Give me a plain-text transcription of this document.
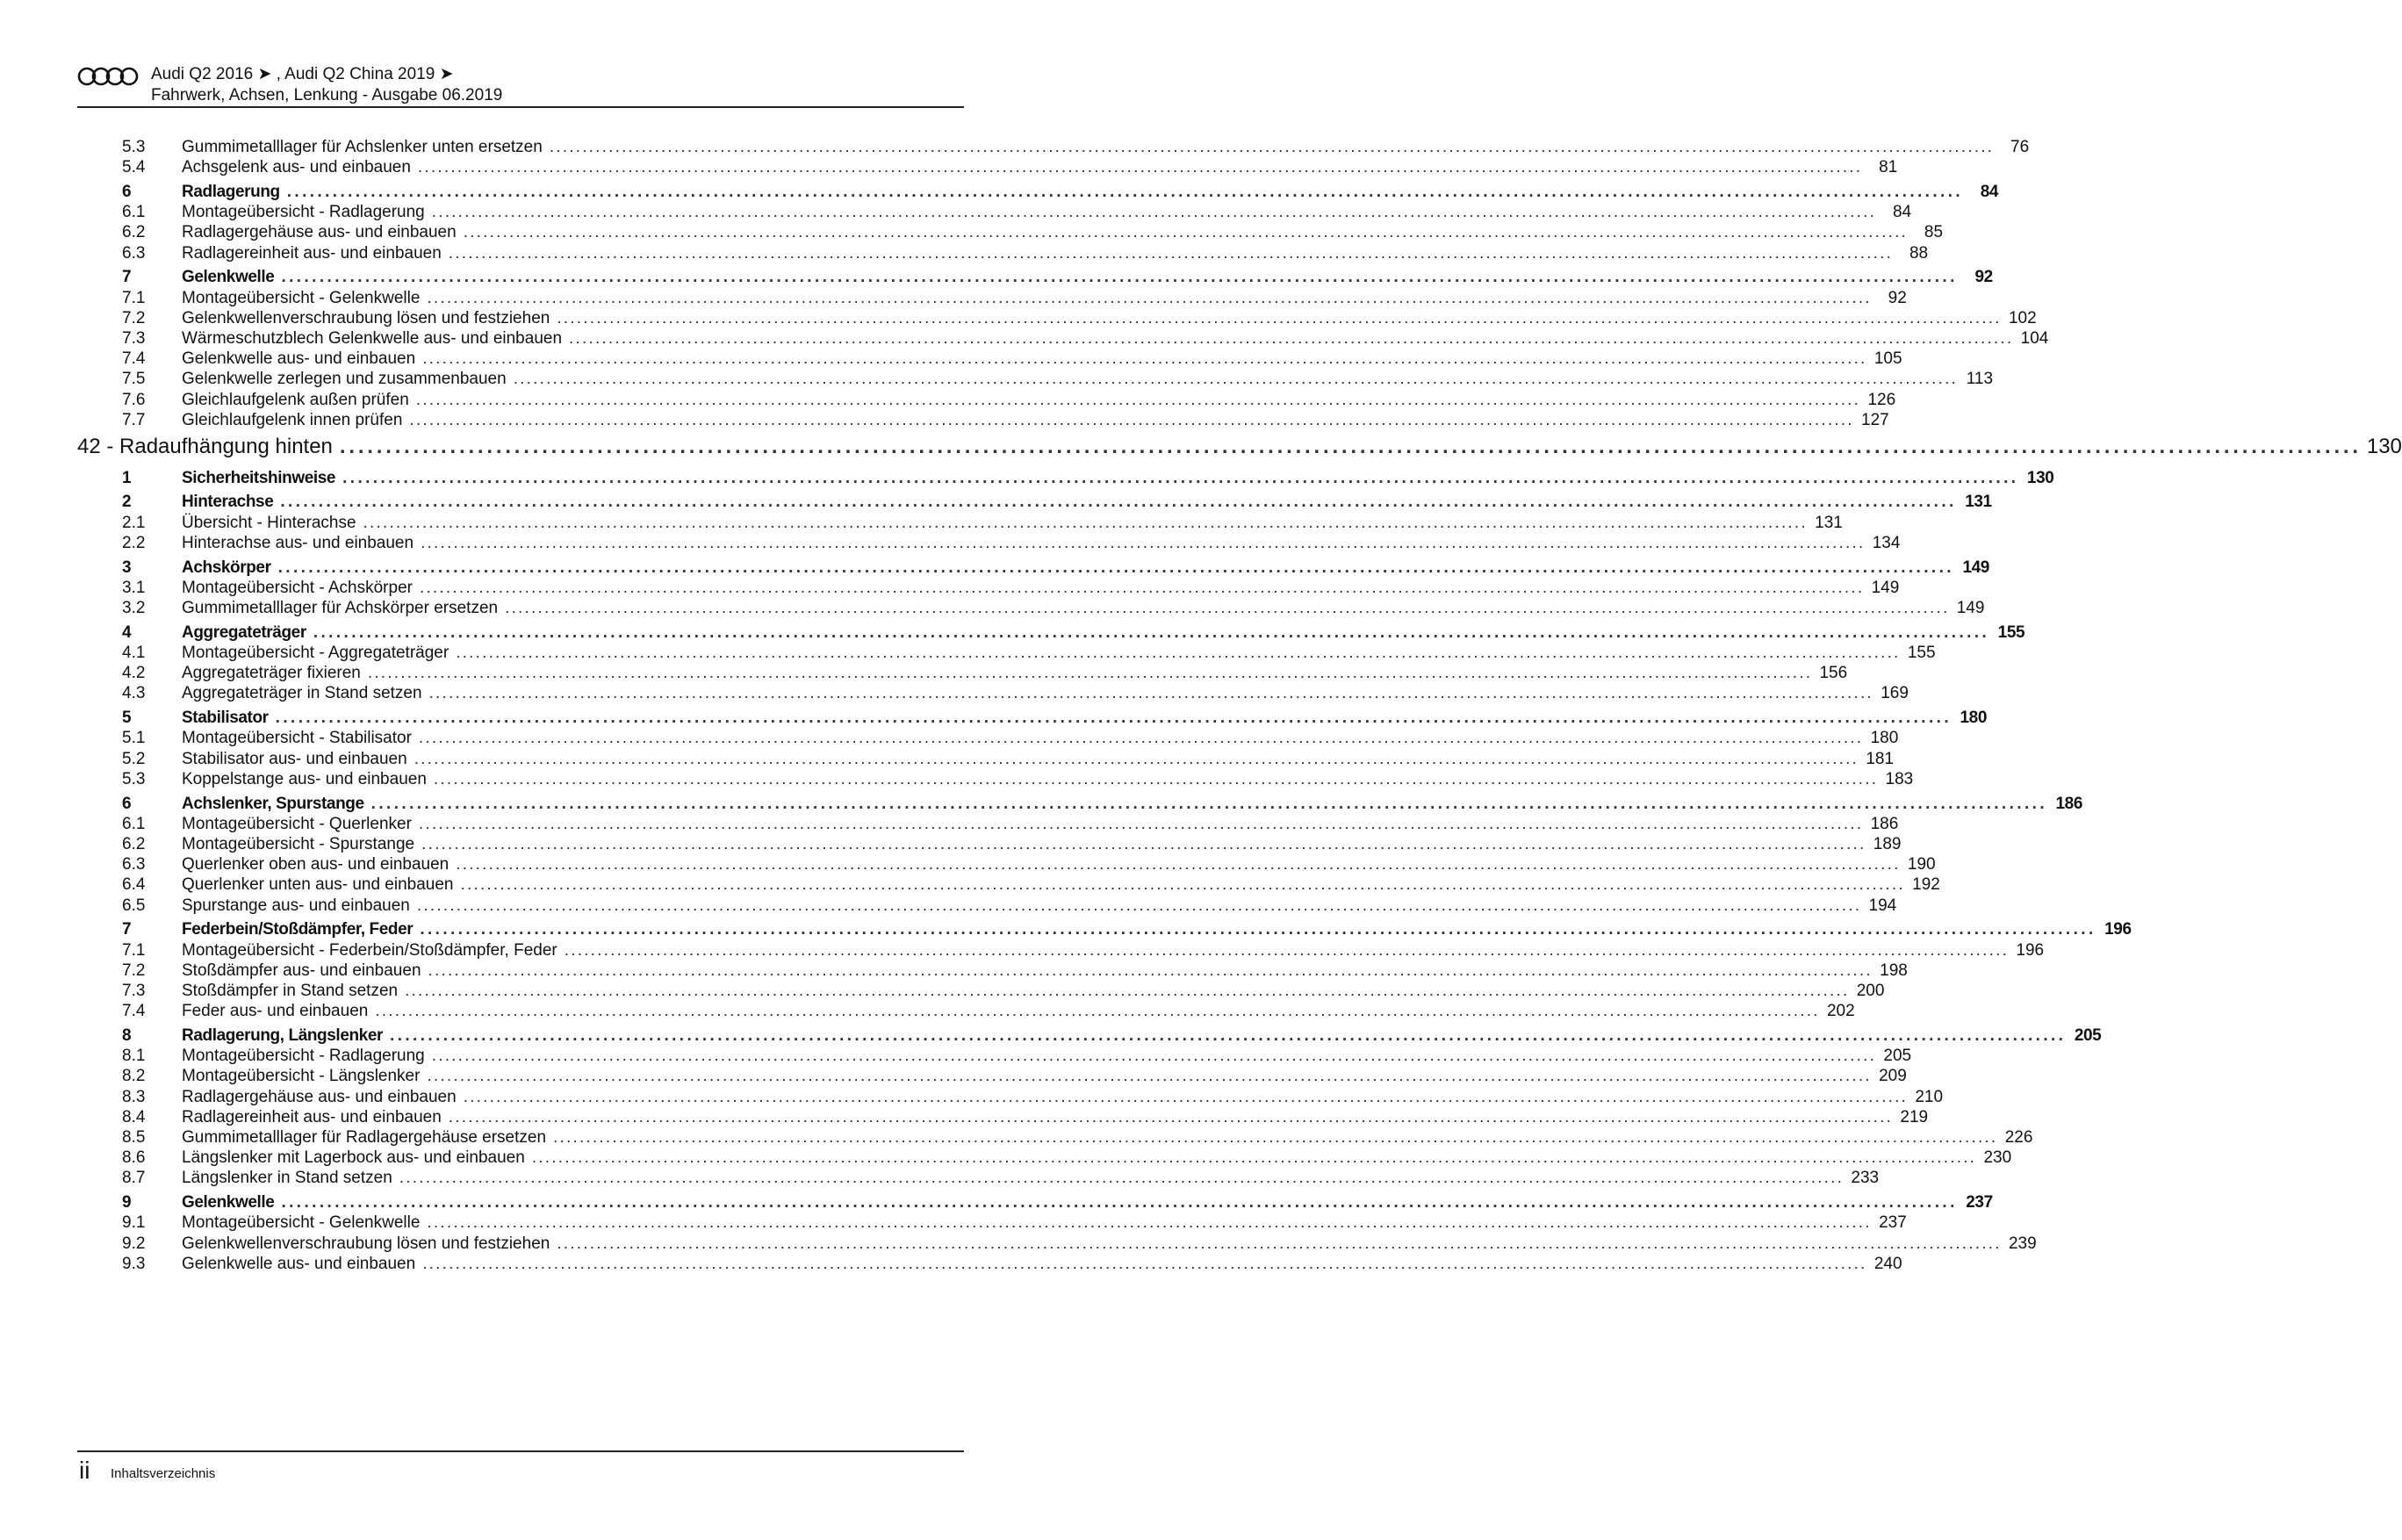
Audi Q2 2016 ➤ , Audi Q2 China 2019 ➤
Fahrwerk, Achsen, Lenkung - Ausgabe 06.2019
5.3	Gummimetalllager für Achslenker unten ersetzen ............................................................................................................................................................................................................................ 76
5.4	Achsgelenk aus- und einbauen ............................................................................................................................................................................................................................ 81
6	Radlagerung ............................................................................................................................................................................................................................	84
6.1	Montageübersicht - Radlagerung ............................................................................................................................................................................................................................ 84
6.2	Radlagergehäuse aus- und einbauen ............................................................................................................................................................................................................................ 85
6.3	Radlagereinheit aus- und einbauen ............................................................................................................................................................................................................................ 88
7	Gelenkwelle ............................................................................................................................................................................................................................	92
7.1	Montageübersicht - Gelenkwelle ............................................................................................................................................................................................................................ 92
7.2	Gelenkwellenverschraubung lösen und festziehen ............................................................................................................................................................................................................................ 102
7.3	Wärmeschutzblech Gelenkwelle aus- und einbauen ............................................................................................................................................................................................................................ 104
7.4	Gelenkwelle aus- und einbauen ............................................................................................................................................................................................................................ 105
7.5	Gelenkwelle zerlegen und zusammenbauen ............................................................................................................................................................................................................................ 113
7.6	Gleichlaufgelenk außen prüfen ............................................................................................................................................................................................................................ 126
7.7	Gleichlaufgelenk innen prüfen ............................................................................................................................................................................................................................ 127
42 - Radaufhängung hinten ............................................................................................................................................................................................................................ 130
1	Sicherheitshinweise ............................................................................................................................................................................................................................ 130
2	Hinterachse ............................................................................................................................................................................................................................ 131
2.1	Übersicht - Hinterachse ............................................................................................................................................................................................................................ 131
2.2	Hinterachse aus- und einbauen ............................................................................................................................................................................................................................ 134
3	Achskörper ............................................................................................................................................................................................................................ 149
3.1	Montageübersicht - Achskörper ............................................................................................................................................................................................................................ 149
3.2	Gummimetalllager für Achskörper ersetzen ............................................................................................................................................................................................................................ 149
4	Aggregateträger ............................................................................................................................................................................................................................ 155
4.1	Montageübersicht - Aggregateträger ............................................................................................................................................................................................................................ 155
4.2	Aggregateträger fixieren ............................................................................................................................................................................................................................ 156
4.3	Aggregateträger in Stand setzen ............................................................................................................................................................................................................................ 169
5	Stabilisator ............................................................................................................................................................................................................................ 180
5.1	Montageübersicht - Stabilisator ............................................................................................................................................................................................................................ 180
5.2	Stabilisator aus- und einbauen ............................................................................................................................................................................................................................ 181
5.3	Koppelstange aus- und einbauen ............................................................................................................................................................................................................................ 183
6	Achslenker, Spurstange ............................................................................................................................................................................................................................ 186
6.1	Montageübersicht - Querlenker ............................................................................................................................................................................................................................ 186
6.2	Montageübersicht - Spurstange ............................................................................................................................................................................................................................ 189
6.3	Querlenker oben aus- und einbauen ............................................................................................................................................................................................................................ 190
6.4	Querlenker unten aus- und einbauen ............................................................................................................................................................................................................................ 192
6.5	Spurstange aus- und einbauen ............................................................................................................................................................................................................................ 194
7	Federbein/Stoßdämpfer, Feder ............................................................................................................................................................................................................................ 196
7.1	Montageübersicht - Federbein/Stoßdämpfer, Feder ............................................................................................................................................................................................................................ 196
7.2	Stoßdämpfer aus- und einbauen ............................................................................................................................................................................................................................ 198
7.3	Stoßdämpfer in Stand setzen ............................................................................................................................................................................................................................ 200
7.4	Feder aus- und einbauen ............................................................................................................................................................................................................................ 202
8	Radlagerung, Längslenker ............................................................................................................................................................................................................................ 205
8.1	Montageübersicht - Radlagerung ............................................................................................................................................................................................................................ 205
8.2	Montageübersicht - Längslenker ............................................................................................................................................................................................................................ 209
8.3	Radlagergehäuse aus- und einbauen ............................................................................................................................................................................................................................ 210
8.4	Radlagereinheit aus- und einbauen ............................................................................................................................................................................................................................ 219
8.5	Gummimetalllager für Radlagergehäuse ersetzen ............................................................................................................................................................................................................................ 226
8.6	Längslenker mit Lagerbock aus- und einbauen ............................................................................................................................................................................................................................ 230
8.7	Längslenker in Stand setzen ............................................................................................................................................................................................................................ 233
9	Gelenkwelle ............................................................................................................................................................................................................................ 237
9.1	Montageübersicht - Gelenkwelle ............................................................................................................................................................................................................................ 237
9.2	Gelenkwellenverschraubung lösen und festziehen ............................................................................................................................................................................................................................ 239
9.3	Gelenkwelle aus- und einbauen ............................................................................................................................................................................................................................ 240
ii Inhaltsverzeichnis
